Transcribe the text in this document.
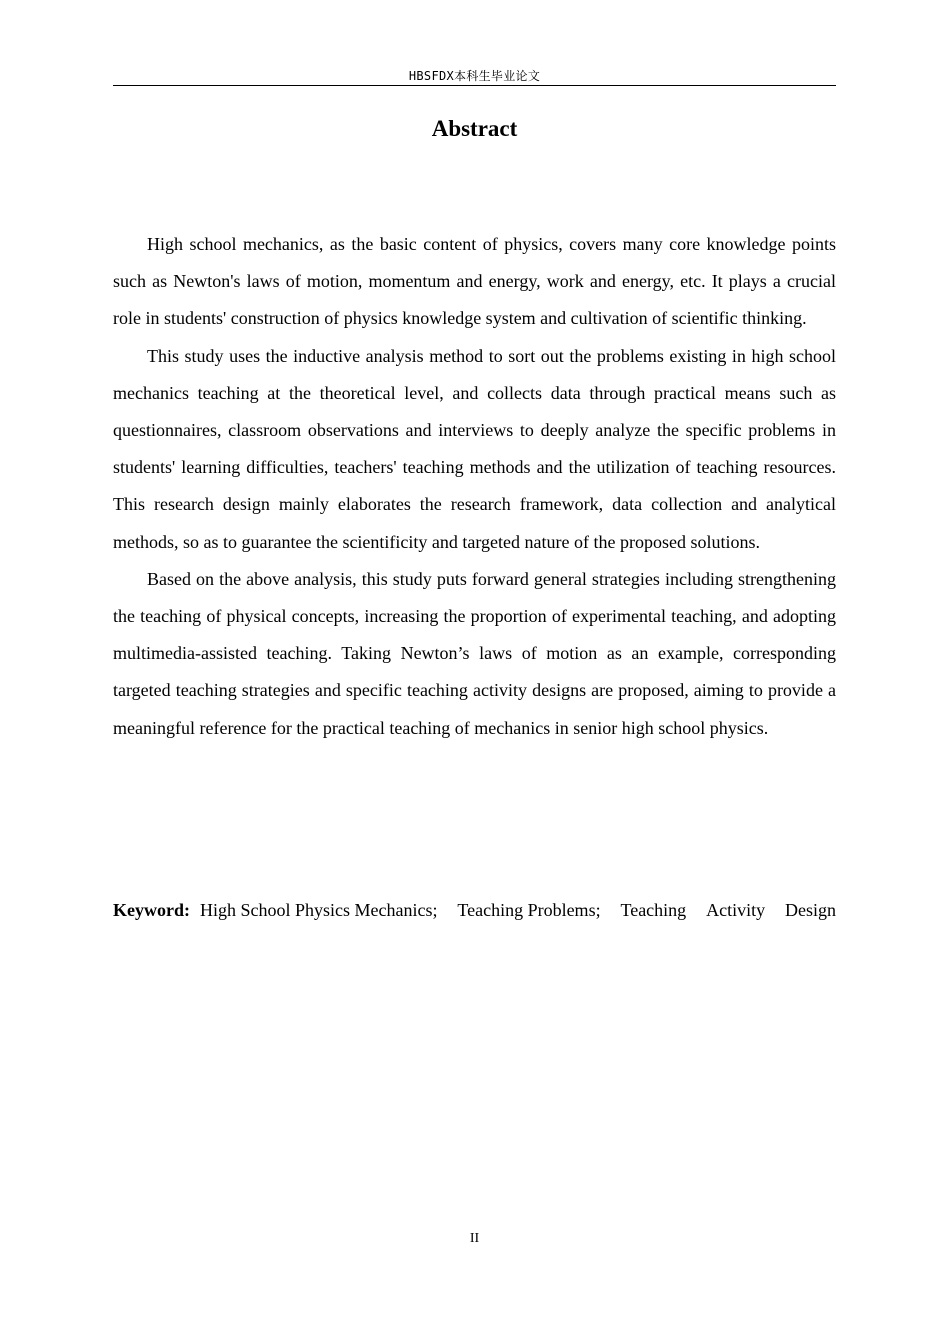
HBSFDX本科生毕业论文
Abstract

High school mechanics, as the basic content of physics, covers many core knowledge points such as Newton's laws of motion, momentum and energy, work and energy, etc. It plays a crucial role in students' construction of physics knowledge system and cultivation of scientific thinking.

This study uses the inductive analysis method to sort out the problems existing in high school mechanics teaching at the theoretical level, and collects data through practical means such as questionnaires, classroom observations and interviews to deeply analyze the specific problems in students' learning difficulties, teachers' teaching methods and the utilization of teaching resources. This research design mainly elaborates the research framework, data collection and analytical methods, so as to guarantee the scientificity and targeted nature of the proposed solutions.

Based on the above analysis, this study puts forward general strategies including strengthening the teaching of physical concepts, increasing the proportion of experimental teaching, and adopting multimedia-assisted teaching. Taking Newton’s laws of motion as an example, corresponding targeted teaching strategies and specific teaching activity designs are proposed, aiming to provide a meaningful reference for the practical teaching of mechanics in senior high school physics.

Keyword: High School Physics Mechanics; Teaching Problems; Teaching Activity Design
II
